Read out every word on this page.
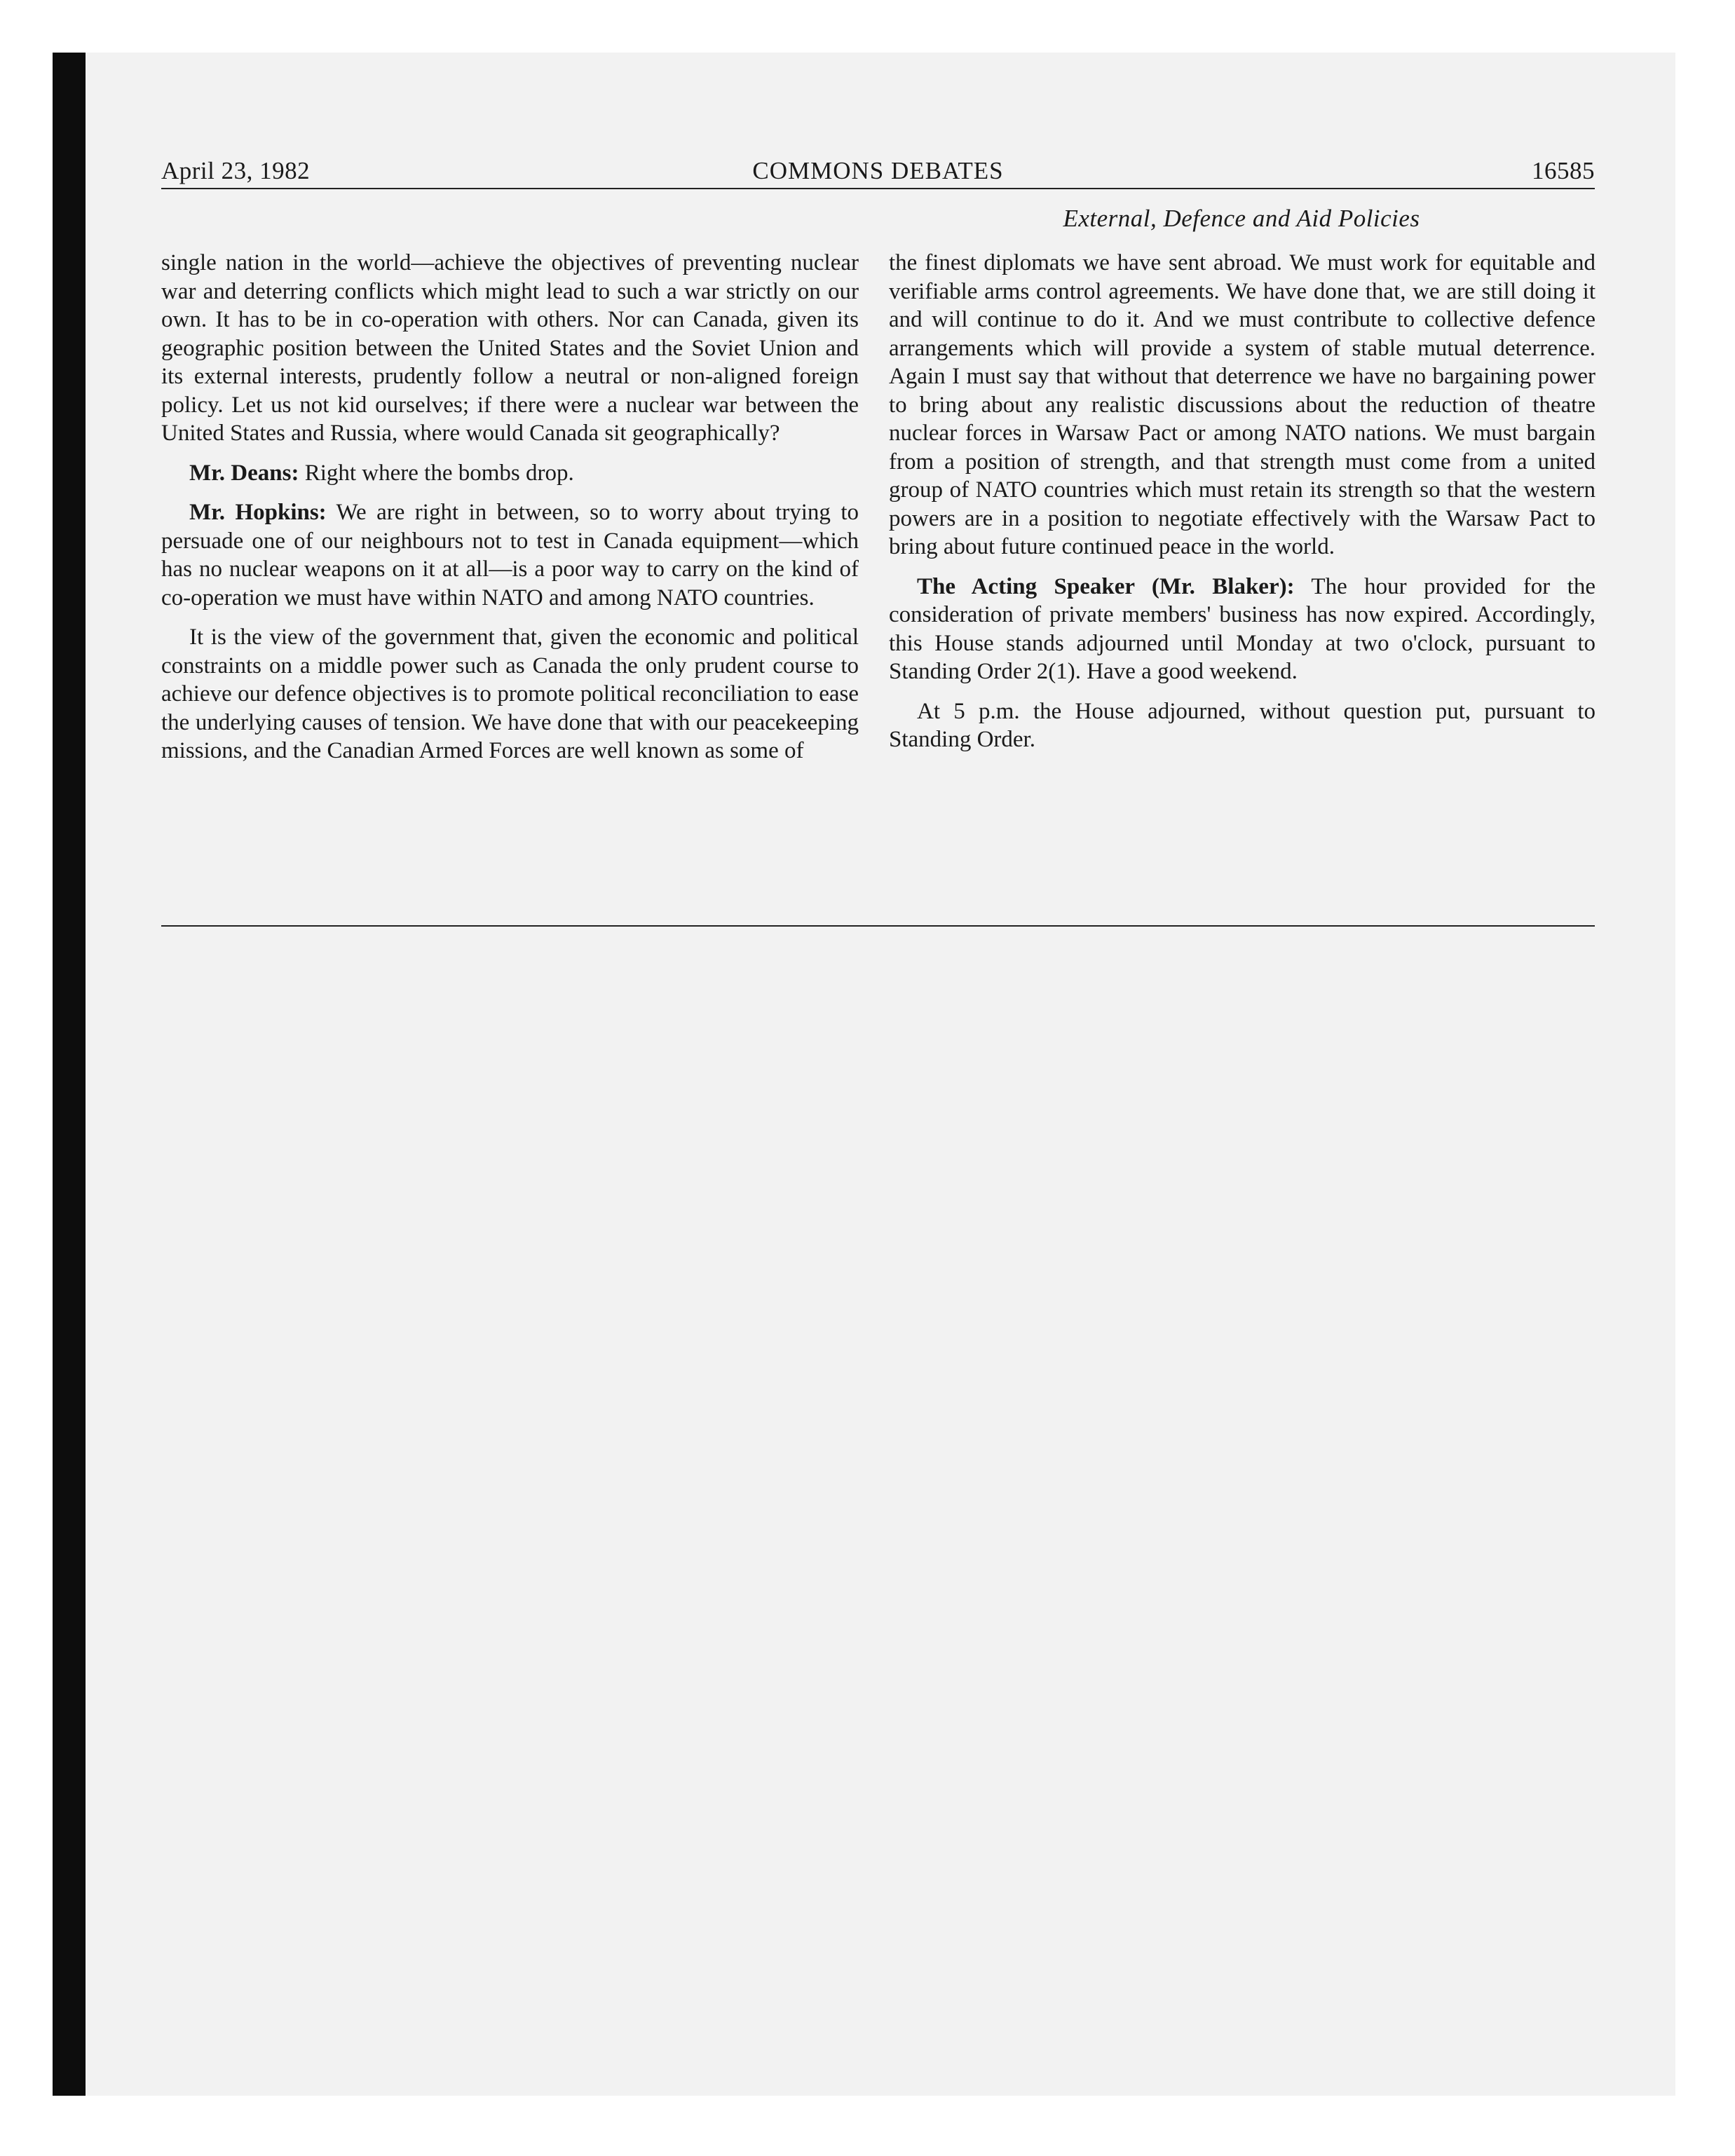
April 23, 1982	COMMONS DEBATES	16585
External, Defence and Aid Policies

single nation in the world—achieve the objectives of preventing nuclear war and deterring conflicts which might lead to such a war strictly on our own. It has to be in co-operation with others. Nor can Canada, given its geographic position between the United States and the Soviet Union and its external interests, prudently follow a neutral or non-aligned foreign policy. Let us not kid ourselves; if there were a nuclear war between the United States and Russia, where would Canada sit geographically?

Mr. Deans: Right where the bombs drop.

Mr. Hopkins: We are right in between, so to worry about trying to persuade one of our neighbours not to test in Canada equipment—which has no nuclear weapons on it at all—is a poor way to carry on the kind of co-operation we must have within NATO and among NATO countries.

It is the view of the government that, given the economic and political constraints on a middle power such as Canada the only prudent course to achieve our defence objectives is to promote political reconciliation to ease the underlying causes of tension. We have done that with our peacekeeping missions, and the Canadian Armed Forces are well known as some of

the finest diplomats we have sent abroad. We must work for equitable and verifiable arms control agreements. We have done that, we are still doing it and will continue to do it. And we must contribute to collective defence arrangements which will provide a system of stable mutual deterrence. Again I must say that without that deterrence we have no bargaining power to bring about any realistic discussions about the reduction of theatre nuclear forces in Warsaw Pact or among NATO nations. We must bargain from a position of strength, and that strength must come from a united group of NATO countries which must retain its strength so that the western powers are in a position to negotiate effectively with the Warsaw Pact to bring about future continued peace in the world.

The Acting Speaker (Mr. Blaker): The hour provided for the consideration of private members' business has now expired. Accordingly, this House stands adjourned until Monday at two o'clock, pursuant to Standing Order 2(1). Have a good weekend.

At 5 p.m. the House adjourned, without question put, pursuant to Standing Order.
